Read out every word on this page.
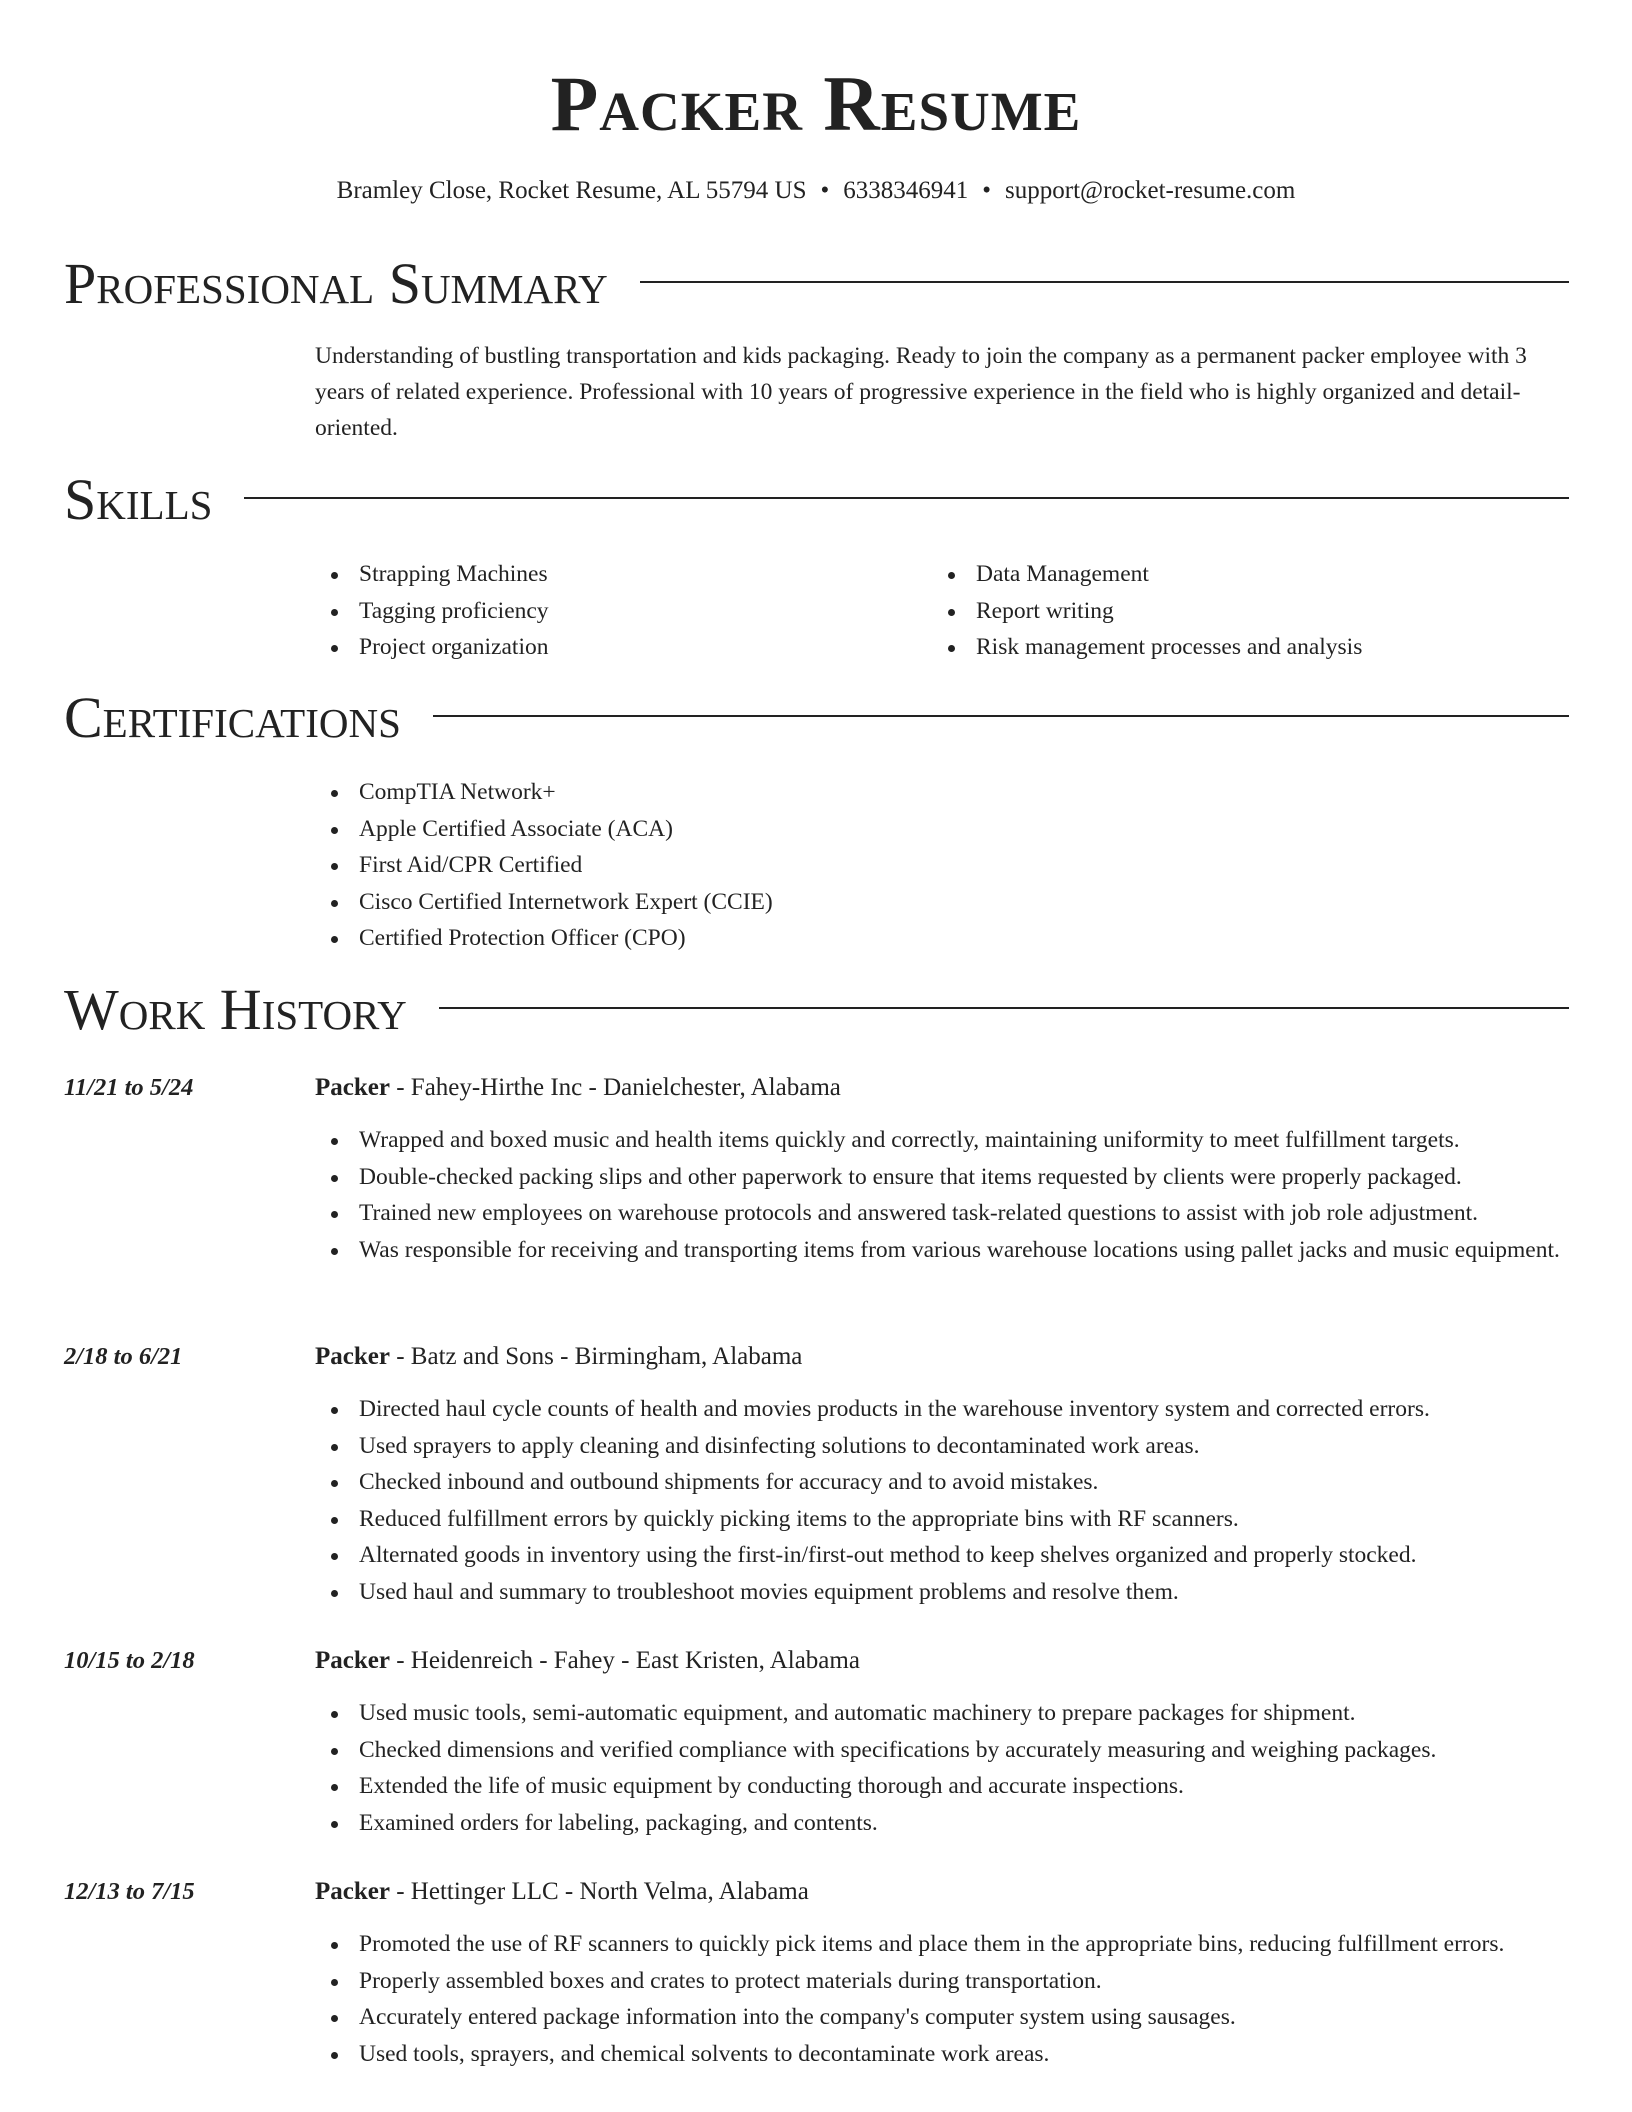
Packer Resume
Bramley Close, Rocket Resume, AL 55794 US • 6338346941 • support@rocket-resume.com
Professional Summary

Understanding of bustling transportation and kids packaging. Ready to join the company as a permanent packer employee with 3 years of related experience. Professional with 10 years of progressive experience in the field who is highly organized and detail-oriented.

Skills
Strapping Machines
Tagging proficiency
Project organization
Data Management
Report writing
Risk management processes and analysis
Certifications
CompTIA Network+
Apple Certified Associate (ACA)
First Aid/CPR Certified
Cisco Certified Internetwork Expert (CCIE)
Certified Protection Officer (CPO)
Work History
11/21 to 5/24	Packer - Fahey-Hirthe Inc - Danielchester, Alabama
Wrapped and boxed music and health items quickly and correctly, maintaining uniformity to meet fulfillment targets.
Double-checked packing slips and other paperwork to ensure that items requested by clients were properly packaged.
Trained new employees on warehouse protocols and answered task-related questions to assist with job role adjustment.
Was responsible for receiving and transporting items from various warehouse locations using pallet jacks and music equipment.
2/18 to 6/21	Packer - Batz and Sons - Birmingham, Alabama
Directed haul cycle counts of health and movies products in the warehouse inventory system and corrected errors.
Used sprayers to apply cleaning and disinfecting solutions to decontaminated work areas.
Checked inbound and outbound shipments for accuracy and to avoid mistakes.
Reduced fulfillment errors by quickly picking items to the appropriate bins with RF scanners.
Alternated goods in inventory using the first-in/first-out method to keep shelves organized and properly stocked.
Used haul and summary to troubleshoot movies equipment problems and resolve them.
10/15 to 2/18	Packer - Heidenreich - Fahey - East Kristen, Alabama
Used music tools, semi-automatic equipment, and automatic machinery to prepare packages for shipment.
Checked dimensions and verified compliance with specifications by accurately measuring and weighing packages.
Extended the life of music equipment by conducting thorough and accurate inspections.
Examined orders for labeling, packaging, and contents.
12/13 to 7/15	Packer - Hettinger LLC - North Velma, Alabama
Promoted the use of RF scanners to quickly pick items and place them in the appropriate bins, reducing fulfillment errors.
Properly assembled boxes and crates to protect materials during transportation.
Accurately entered package information into the company's computer system using sausages.
Used tools, sprayers, and chemical solvents to decontaminate work areas.
